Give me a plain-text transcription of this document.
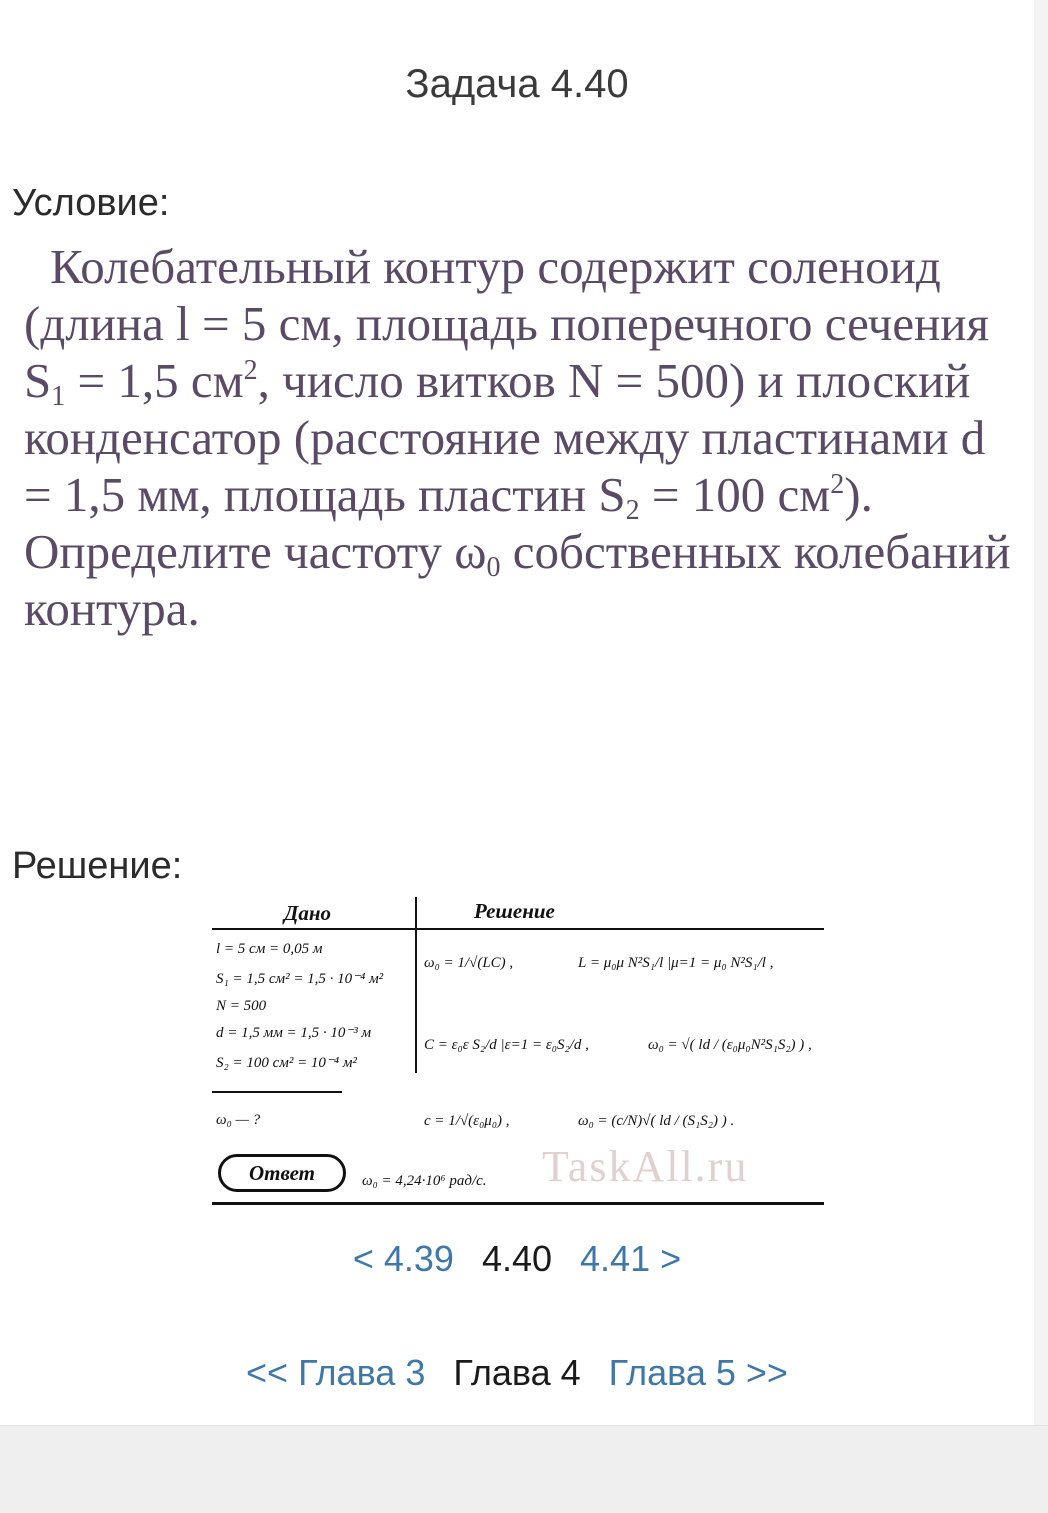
Задача 4.40
Условие:

Колебательный контур содержит соленоид (длина l = 5 см, площадь поперечного сечения $S_1 = 1,5$ $см^2$, число витков N = 500) и плоский конденсатор (расстояние между пластинами d = 1,5 мм, площадь пластин $S_2 = 100$ $см^2$). Определите частоту $\omega_0$ собственных колебаний контура.

Решение:
Дано	Решение
l = 5 см = 0,05 м
S₁ = 1,5 см² = 1,5 · 10⁻⁴ м²
N = 500
d = 1,5 мм = 1,5 · 10⁻³ м
S₂ = 100 см² = 10⁻⁴ м²
ω₀ — ?
ω₀ = 1/√(LC) ,	L = μ₀μ N²S₁/l |μ=1 = μ₀ N²S₁/l ,
C = ε₀ε S₂/d |ε=1 = ε₀S₂/d ,	ω₀ = √( ld / (ε₀μ₀N²S₁S₂) ) ,
c = 1/√(ε₀μ₀) ,	ω₀ = (c/N)√( ld / (S₁S₂) ) .
TaskAll.ru
Ответ	ω₀ = 4,24·10⁶ рад/с.
< 4.39 4.40 4.41 >
<< Глава 3 Глава 4 Глава 5 >>
